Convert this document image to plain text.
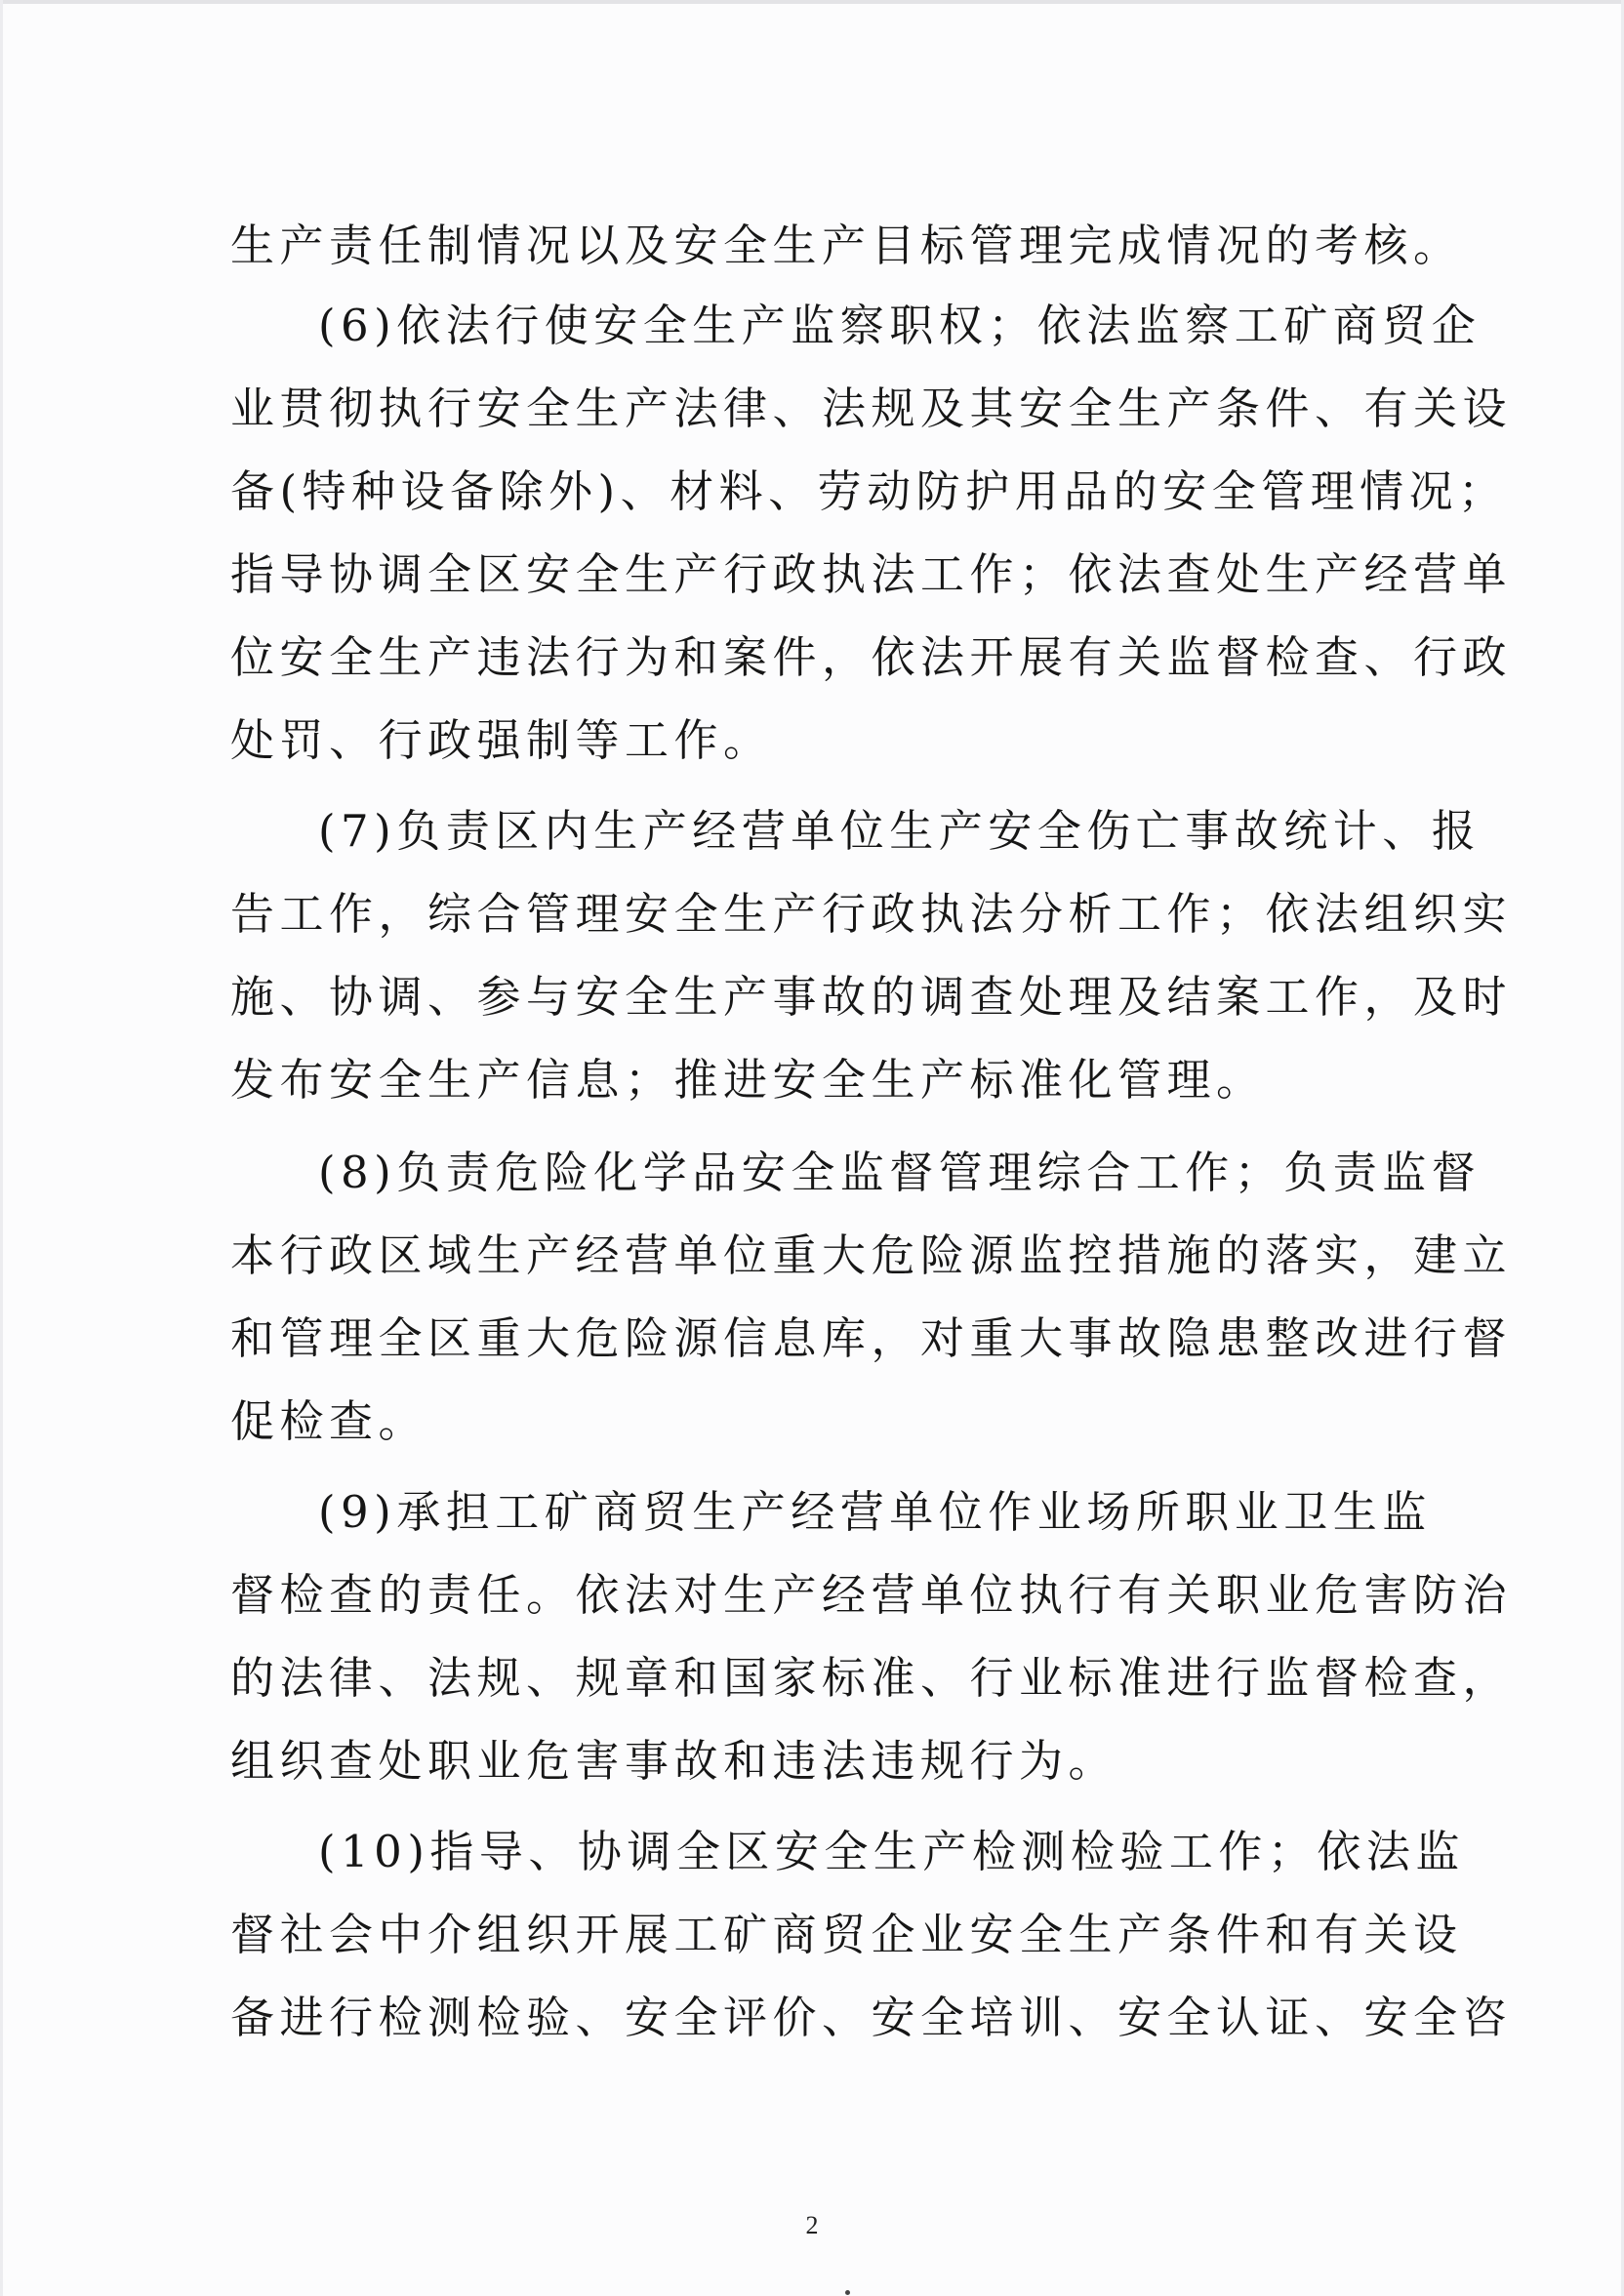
生产责任制情况以及安全生产目标管理完成情况的考核。
(6)依法行使安全生产监察职权；依法监察工矿商贸企
业贯彻执行安全生产法律、法规及其安全生产条件、有关设
备(特种设备除外)、材料、劳动防护用品的安全管理情况；
指导协调全区安全生产行政执法工作；依法查处生产经营单
位安全生产违法行为和案件，依法开展有关监督检查、行政
处罚、行政强制等工作。
(7)负责区内生产经营单位生产安全伤亡事故统计、报
告工作，综合管理安全生产行政执法分析工作；依法组织实
施、协调、参与安全生产事故的调查处理及结案工作，及时
发布安全生产信息；推进安全生产标准化管理。
(8)负责危险化学品安全监督管理综合工作；负责监督
本行政区域生产经营单位重大危险源监控措施的落实，建立
和管理全区重大危险源信息库，对重大事故隐患整改进行督
促检查。
(9)承担工矿商贸生产经营单位作业场所职业卫生监
督检查的责任。依法对生产经营单位执行有关职业危害防治
的法律、法规、规章和国家标准、行业标准进行监督检查，
组织查处职业危害事故和违法违规行为。
(10)指导、协调全区安全生产检测检验工作；依法监
督社会中介组织开展工矿商贸企业安全生产条件和有关设
备进行检测检验、安全评价、安全培训、安全认证、安全咨
2
